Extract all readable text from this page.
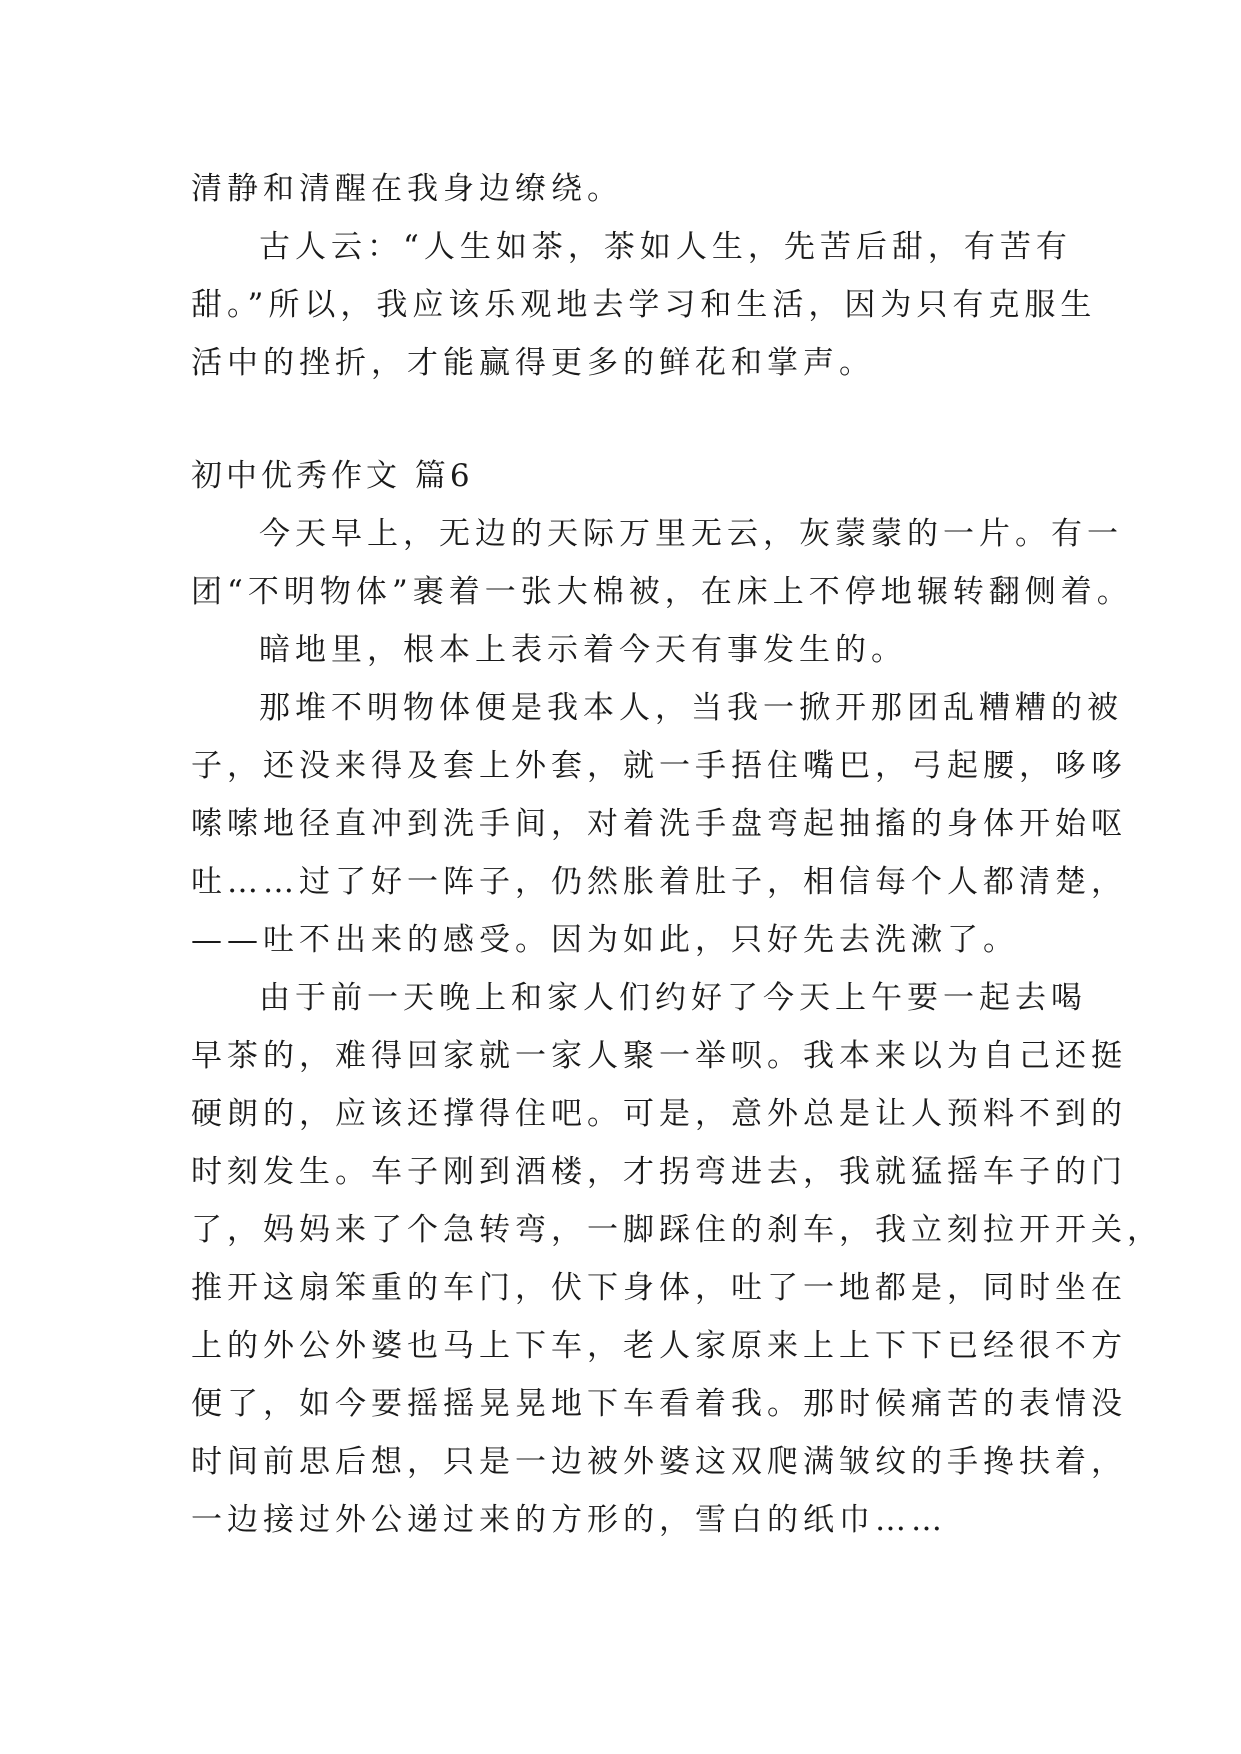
清静和清醒在我身边缭绕。
古人云：“人生如茶，茶如人生，先苦后甜，有苦有
甜。”所以，我应该乐观地去学习和生活，因为只有克服生
活中的挫折，才能赢得更多的鲜花和掌声。
初中优秀作文 篇6
今天早上，无边的天际万里无云，灰蒙蒙的一片。有一
团“不明物体”裹着一张大棉被，在床上不停地辗转翻侧着。
暗地里，根本上表示着今天有事发生的。
那堆不明物体便是我本人，当我一掀开那团乱糟糟的被
子，还没来得及套上外套，就一手捂住嘴巴，弓起腰，哆哆
嗦嗦地径直冲到洗手间，对着洗手盘弯起抽搐的身体开始呕
吐……过了好一阵子，仍然胀着肚子，相信每个人都清楚，
——吐不出来的感受。因为如此，只好先去洗漱了。
由于前一天晚上和家人们约好了今天上午要一起去喝
早茶的，难得回家就一家人聚一举呗。我本来以为自己还挺
硬朗的，应该还撑得住吧。可是，意外总是让人预料不到的
时刻发生。车子刚到酒楼，才拐弯进去，我就猛摇车子的门
了，妈妈来了个急转弯，一脚踩住的刹车，我立刻拉开开关，
推开这扇笨重的车门，伏下身体，吐了一地都是，同时坐在
上的外公外婆也马上下车，老人家原来上上下下已经很不方
便了，如今要摇摇晃晃地下车看着我。那时候痛苦的表情没
时间前思后想，只是一边被外婆这双爬满皱纹的手搀扶着，
一边接过外公递过来的方形的，雪白的纸巾……
